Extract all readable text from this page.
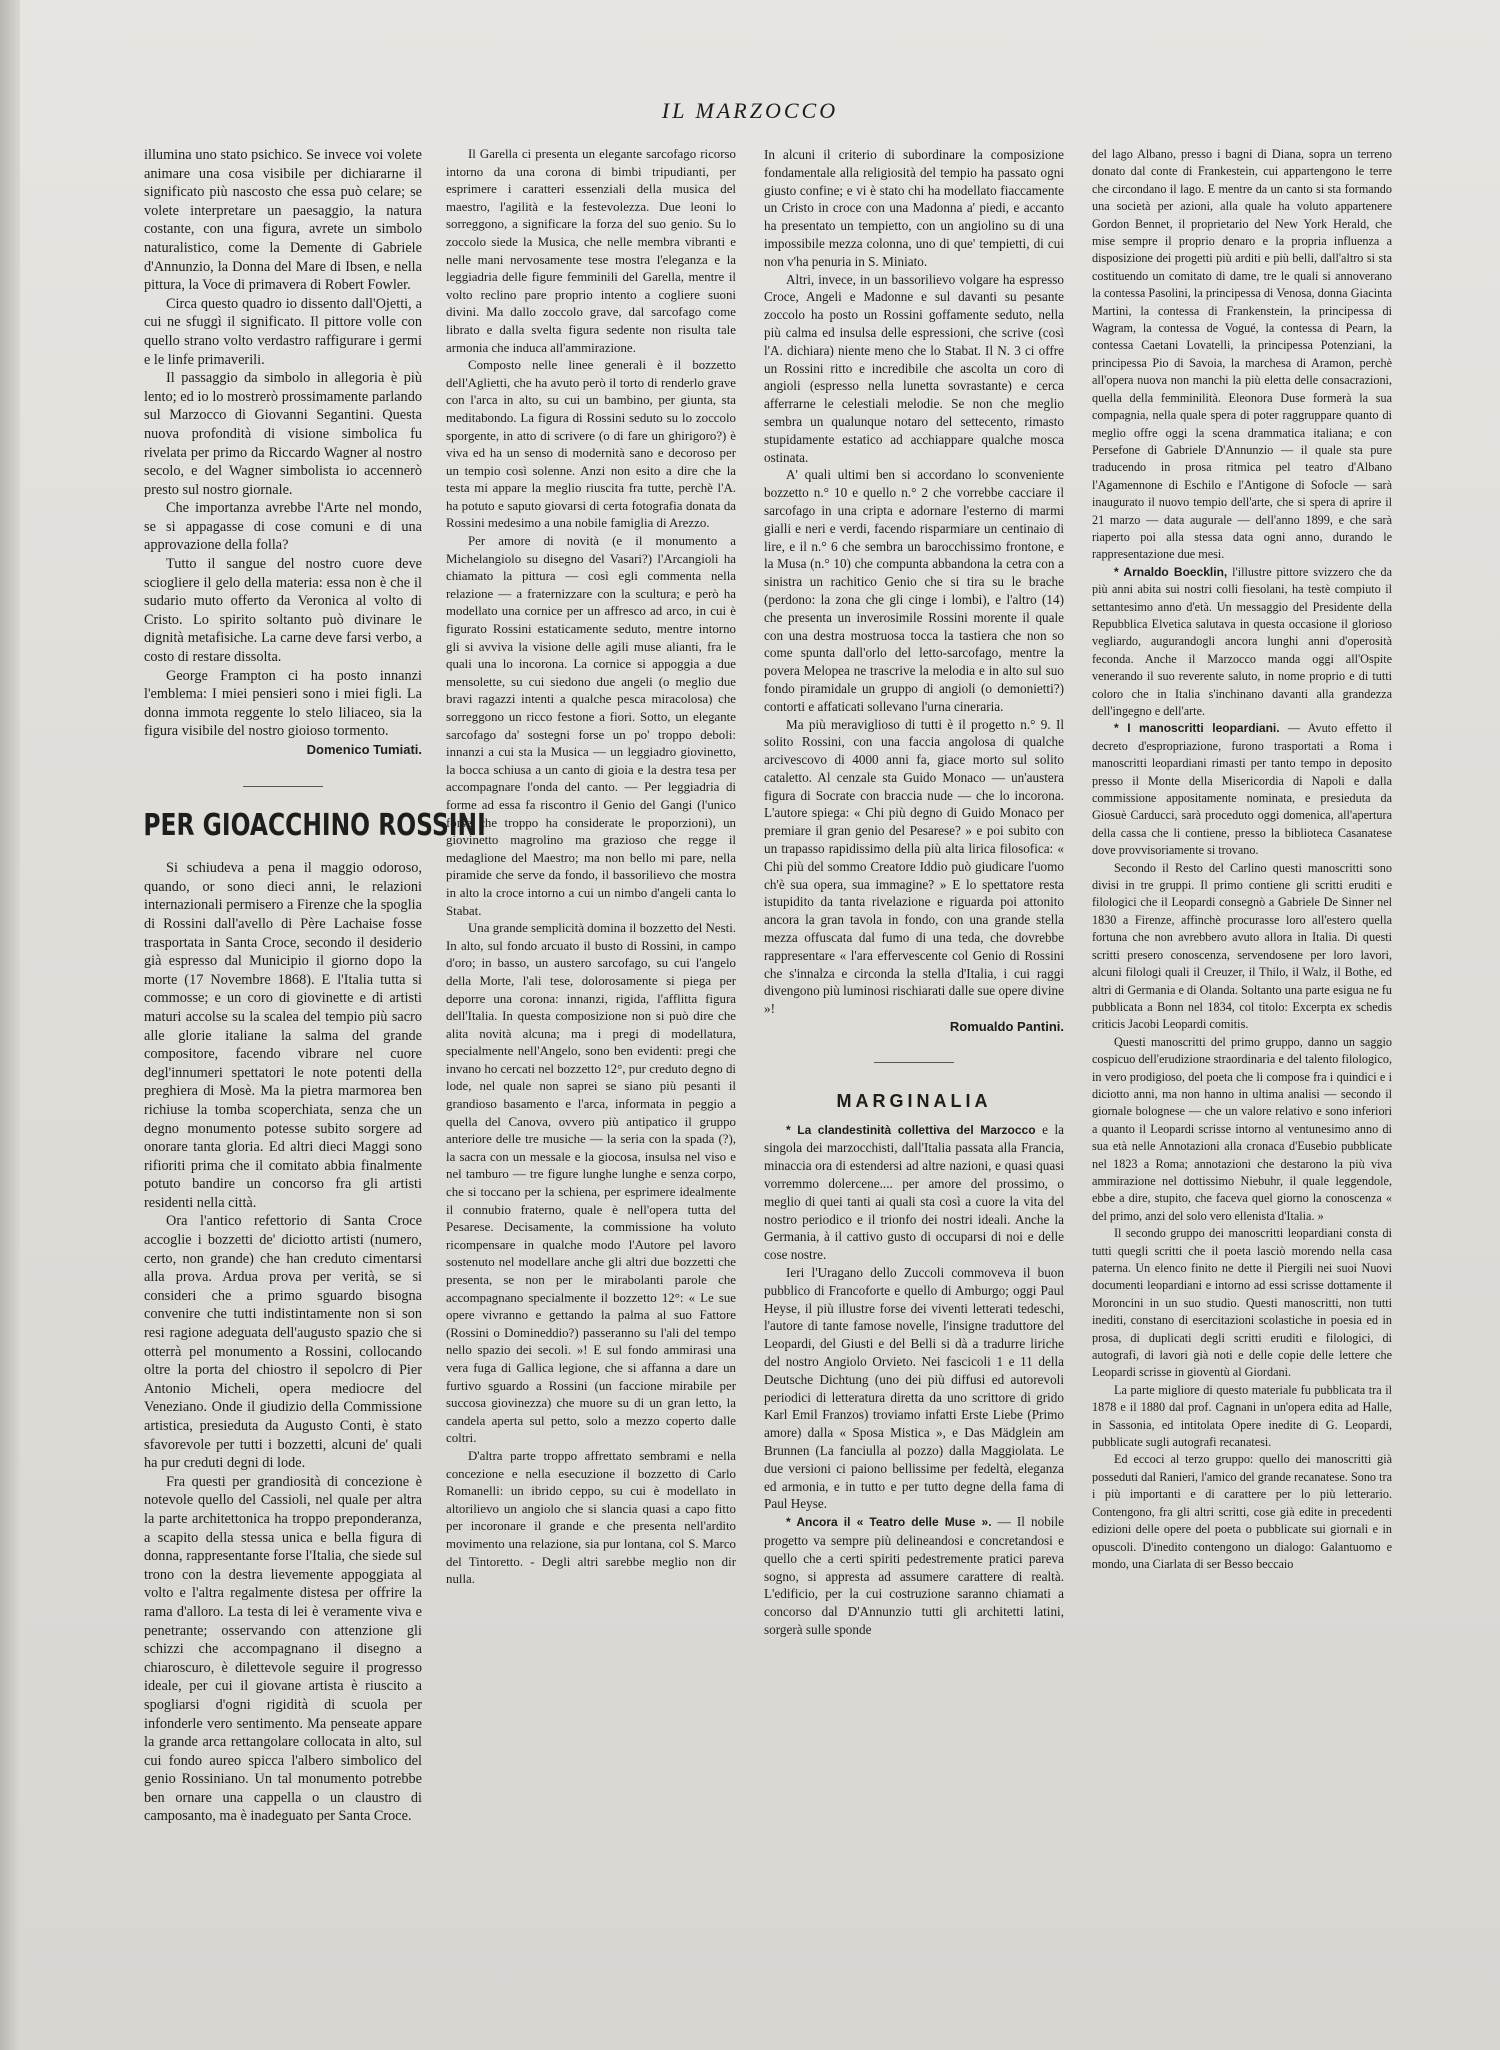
IL MARZOCCO

illumina uno stato psichico. Se invece voi volete animare una cosa visibile per dichiararne il significato più nascosto che essa può celare; se volete interpretare un paesaggio, la natura costante, con una figura, avrete un simbolo naturalistico, come la Demente di Gabriele d'Annunzio, la Donna del Mare di Ibsen, e nella pittura, la Voce di primavera di Robert Fowler.

Circa questo quadro io dissento dall'Ojetti, a cui ne sfuggì il significato. Il pittore volle con quello strano volto verdastro raffigurare i germi e le linfe primaverili.

Il passaggio da simbolo in allegoria è più lento; ed io lo mostrerò prossimamente parlando sul Marzocco di Giovanni Segantini. Questa nuova profondità di visione simbolica fu rivelata per primo da Riccardo Wagner al nostro secolo, e del Wagner simbolista io accennerò presto sul nostro giornale.

Che importanza avrebbe l'Arte nel mondo, se si appagasse di cose comuni e di una approvazione della folla?

Tutto il sangue del nostro cuore deve sciogliere il gelo della materia: essa non è che il sudario muto offerto da Veronica al volto di Cristo. Lo spirito soltanto può divinare le dignità metafisiche. La carne deve farsi verbo, a costo di restare dissolta.

George Frampton ci ha posto innanzi l'emblema: I miei pensieri sono i miei figli. La donna immota reggente lo stelo liliaceo, sia la figura visibile del nostro gioioso tormento.

Domenico Tumiati.

PER GIOACCHINO ROSSINI

Si schiudeva a pena il maggio odoroso, quando, or sono dieci anni, le relazioni internazionali permisero a Firenze che la spoglia di Rossini dall'avello di Père Lachaise fosse trasportata in Santa Croce, secondo il desiderio già espresso dal Municipio il giorno dopo la morte (17 Novembre 1868). E l'Italia tutta si commosse; e un coro di giovinette e di artisti maturi accolse su la scalea del tempio più sacro alle glorie italiane la salma del grande compositore, facendo vibrare nel cuore degl'innumeri spettatori le note potenti della preghiera di Mosè. Ma la pietra marmorea ben richiuse la tomba scoperchiata, senza che un degno monumento potesse subito sorgere ad onorare tanta gloria. Ed altri dieci Maggi sono rifioriti prima che il comitato abbia finalmente potuto bandire un concorso fra gli artisti residenti nella città.

Ora l'antico refettorio di Santa Croce accoglie i bozzetti de' diciotto artisti (numero, certo, non grande) che han creduto cimentarsi alla prova. Ardua prova per verità, se si consideri che a primo sguardo bisogna convenire che tutti indistintamente non si son resi ragione adeguata dell'augusto spazio che si otterrà pel monumento a Rossini, collocando oltre la porta del chiostro il sepolcro di Pier Antonio Micheli, opera mediocre del Veneziano. Onde il giudizio della Commissione artistica, presieduta da Augusto Conti, è stato sfavorevole per tutti i bozzetti, alcuni de' quali ha pur creduti degni di lode.

Fra questi per grandiosità di concezione è notevole quello del Cassioli, nel quale per altra la parte architettonica ha troppo preponderanza, a scapito della stessa unica e bella figura di donna, rappresentante forse l'Italia, che siede sul trono con la destra lievemente appoggiata al volto e l'altra regalmente distesa per offrire la rama d'alloro. La testa di lei è veramente viva e penetrante; osservando con attenzione gli schizzi che accompagnano il disegno a chiaroscuro, è dilettevole seguire il progresso ideale, per cui il giovane artista è riuscito a spogliarsi d'ogni rigidità di scuola per infonderle vero sentimento. Ma penseate appare la grande arca rettangolare collocata in alto, sul cui fondo aureo spicca l'albero simbolico del genio Rossiniano. Un tal monumento potrebbe ben ornare una cappella o un claustro di camposanto, ma è inadeguato per Santa Croce.

Il Garella ci presenta un elegante sarcofago ricorso intorno da una corona di bimbi tripudianti, per esprimere i caratteri essenziali della musica del maestro, l'agilità e la festevolezza. Due leoni lo sorreggono, a significare la forza del suo genio. Su lo zoccolo siede la Musica, che nelle membra vibranti e nelle mani nervosamente tese mostra l'eleganza e la leggiadria delle figure femminili del Garella, mentre il volto reclino pare proprio intento a cogliere suoni divini. Ma dallo zoccolo grave, dal sarcofago come librato e dalla svelta figura sedente non risulta tale armonia che induca all'ammirazione.

Composto nelle linee generali è il bozzetto dell'Aglietti, che ha avuto però il torto di renderlo grave con l'arca in alto, su cui un bambino, per giunta, sta meditabondo. La figura di Rossini seduto su lo zoccolo sporgente, in atto di scrivere (o di fare un ghirigoro?) è viva ed ha un senso di modernità sano e decoroso per un tempio così solenne. Anzi non esito a dire che la testa mi appare la meglio riuscita fra tutte, perchè l'A. ha potuto e saputo giovarsi di certa fotografia donata da Rossini medesimo a una nobile famiglia di Arezzo.

Per amore di novità (e il monumento a Michelangiolo su disegno del Vasari?) l'Arcangioli ha chiamato la pittura — così egli commenta nella relazione — a fraternizzare con la scultura; e però ha modellato una cornice per un affresco ad arco, in cui è figurato Rossini estaticamente seduto, mentre intorno gli si avviva la visione delle agili muse alianti, fra le quali una lo incorona. La cornice si appoggia a due mensolette, su cui siedono due angeli (o meglio due bravi ragazzi intenti a qualche pesca miracolosa) che sorreggono un ricco festone a fiori. Sotto, un elegante sarcofago da' sostegni forse un po' troppo deboli: innanzi a cui sta la Musica — un leggiadro giovinetto, la bocca schiusa a un canto di gioia e la destra tesa per accompagnare l'onda del canto. — Per leggiadria di forme ad essa fa riscontro il Genio del Gangi (l'unico forse che troppo ha considerate le proporzioni), un giovinetto magrolino ma grazioso che regge il medaglione del Maestro; ma non bello mi pare, nella piramide che serve da fondo, il bassorilievo che mostra in alto la croce intorno a cui un nimbo d'angeli canta lo Stabat.

Una grande semplicità domina il bozzetto del Nesti. In alto, sul fondo arcuato il busto di Rossini, in campo d'oro; in basso, un austero sarcofago, su cui l'angelo della Morte, l'ali tese, dolorosamente si piega per deporre una corona: innanzi, rigida, l'afflitta figura dell'Italia. In questa composizione non si può dire che alita novità alcuna; ma i pregi di modellatura, specialmente nell'Angelo, sono ben evidenti: pregi che invano ho cercati nel bozzetto 12°, pur creduto degno di lode, nel quale non saprei se siano più pesanti il grandioso basamento e l'arca, informata in peggio a quella del Canova, ovvero più antipatico il gruppo anteriore delle tre musiche — la seria con la spada (?), la sacra con un messale e la giocosa, insulsa nel viso e nel tamburo — tre figure lunghe lunghe e senza corpo, che si toccano per la schiena, per esprimere idealmente il connubio fraterno, quale è nell'opera tutta del Pesarese. Decisamente, la commissione ha voluto ricompensare in qualche modo l'Autore pel lavoro sostenuto nel modellare anche gli altri due bozzetti che presenta, se non per le mirabolanti parole che accompagnano specialmente il bozzetto 12°: « Le sue opere vivranno e gettando la palma al suo Fattore (Rossini o Domineddio?) passeranno su l'ali del tempo nello spazio dei secoli. »! E sul fondo ammirasi una vera fuga di Gallica legione, che si affanna a dare un furtivo sguardo a Rossini (un faccione mirabile per succosa giovinezza) che muore su di un gran letto, la candela aperta sul petto, solo a mezzo coperto dalle coltri.

D'altra parte troppo affrettato sembrami e nella concezione e nella esecuzione il bozzetto di Carlo Romanelli: un ibrido ceppo, su cui è modellato in altorilievo un angiolo che si slancia quasi a capo fitto per incoronare il grande e che presenta nell'ardito movimento una relazione, sia pur lontana, col S. Marco del Tintoretto. - Degli altri sarebbe meglio non dir nulla.

In alcuni il criterio di subordinare la composizione fondamentale alla religiosità del tempio ha passato ogni giusto confine; e vi è stato chi ha modellato fiaccamente un Cristo in croce con una Madonna a' piedi, e accanto ha presentato un tempietto, con un angiolino su di una impossibile mezza colonna, uno di que' tempietti, di cui non v'ha penuria in S. Miniato.

Altri, invece, in un bassorilievo volgare ha espresso Croce, Angeli e Madonne e sul davanti su pesante zoccolo ha posto un Rossini goffamente seduto, nella più calma ed insulsa delle espressioni, che scrive (così l'A. dichiara) niente meno che lo Stabat. Il N. 3 ci offre un Rossini ritto e incredibile che ascolta un coro di angioli (espresso nella lunetta sovrastante) e cerca afferrarne le celestiali melodie. Se non che meglio sembra un qualunque notaro del settecento, rimasto stupidamente estatico ad acchiappare qualche mosca ostinata.

A' quali ultimi ben si accordano lo sconveniente bozzetto n.° 10 e quello n.° 2 che vorrebbe cacciare il sarcofago in una cripta e adornare l'esterno di marmi gialli e neri e verdi, facendo risparmiare un centinaio di lire, e il n.° 6 che sembra un barocchissimo frontone, e la Musa (n.° 10) che compunta abbandona la cetra con a sinistra un rachitico Genio che si tira su le brache (perdono: la zona che gli cinge i lombi), e l'altro (14) che presenta un inverosimile Rossini morente il quale con una destra mostruosa tocca la tastiera che non so come spunta dall'orlo del letto-sarcofago, mentre la povera Melopea ne trascrive la melodia e in alto sul suo fondo piramidale un gruppo di angioli (o demonietti?) contorti e affaticati sollevano l'urna cineraria.

Ma più meraviglioso di tutti è il progetto n.° 9. Il solito Rossini, con una faccia angolosa di qualche arcivescovo di 4000 anni fa, giace morto sul solito cataletto. Al cenzale sta Guido Monaco — un'austera figura di Socrate con braccia nude — che lo incorona. L'autore spiega: « Chi più degno di Guido Monaco per premiare il gran genio del Pesarese? » e poi subito con un trapasso rapidissimo della più alta lirica filosofica: « Chi più del sommo Creatore Iddio può giudicare l'uomo ch'è sua opera, sua immagine? » E lo spettatore resta istupidito da tanta rivelazione e riguarda poi attonito ancora la gran tavola in fondo, con una grande stella mezza offuscata dal fumo di una teda, che dovrebbe rappresentare « l'ara effervescente col Genio di Rossini che s'innalza e circonda la stella d'Italia, i cui raggi divengono più luminosi rischiarati dalle sue opere divine »!

Romualdo Pantini.

MARGINALIA

* La clandestinità collettiva del Marzocco e la singola dei marzocchisti, dall'Italia passata alla Francia, minaccia ora di estendersi ad altre nazioni, e quasi quasi vorremmo dolercene.... per amore del prossimo, o meglio di quei tanti ai quali sta così a cuore la vita del nostro periodico e il trionfo dei nostri ideali. Anche la Germania, à il cattivo gusto di occuparsi di noi e delle cose nostre.

Ieri l'Uragano dello Zuccoli commoveva il buon pubblico di Francoforte e quello di Amburgo; oggi Paul Heyse, il più illustre forse dei viventi letterati tedeschi, l'autore di tante famose novelle, l'insigne traduttore del Leopardi, del Giusti e del Belli si dà a tradurre liriche del nostro Angiolo Orvieto. Nei fascicoli 1 e 11 della Deutsche Dichtung (uno dei più diffusi ed autorevoli periodici di letteratura diretta da uno scrittore di grido Karl Emil Franzos) troviamo infatti Erste Liebe (Primo amore) dalla « Sposa Mistica », e Das Mädglein am Brunnen (La fanciulla al pozzo) dalla Maggiolata. Le due versioni ci paiono bellissime per fedeltà, eleganza ed armonia, e in tutto e per tutto degne della fama di Paul Heyse.

* Ancora il « Teatro delle Muse ». — Il nobile progetto va sempre più delineandosi e concretandosi e quello che a certi spiriti pedestremente pratici pareva sogno, si appresta ad assumere carattere di realtà. L'edificio, per la cui costruzione saranno chiamati a concorso dal D'Annunzio tutti gli architetti latini, sorgerà sulle sponde

del lago Albano, presso i bagni di Diana, sopra un terreno donato dal conte di Frankestein, cui appartengono le terre che circondano il lago. E mentre da un canto si sta formando una società per azioni, alla quale ha voluto appartenere Gordon Bennet, il proprietario del New York Herald, che mise sempre il proprio denaro e la propria influenza a disposizione dei progetti più arditi e più belli, dall'altro si sta costituendo un comitato di dame, tre le quali si annoverano la contessa Pasolini, la principessa di Venosa, donna Giacinta Martini, la contessa di Frankenstein, la principessa di Wagram, la contessa de Vogué, la contessa di Pearn, la contessa Caetani Lovatelli, la principessa Potenziani, la principessa Pio di Savoia, la marchesa di Aramon, perchè all'opera nuova non manchi la più eletta delle consacrazioni, quella della femminilità. Eleonora Duse formerà la sua compagnia, nella quale spera di poter raggruppare quanto di meglio offre oggi la scena drammatica italiana; e con Persefone di Gabriele D'Annunzio — il quale sta pure traducendo in prosa ritmica pel teatro d'Albano l'Agamennone di Eschilo e l'Antigone di Sofocle — sarà inaugurato il nuovo tempio dell'arte, che si spera di aprire il 21 marzo — data augurale — dell'anno 1899, e che sarà riaperto poi alla stessa data ogni anno, durando le rappresentazione due mesi.

* Arnaldo Boecklin, l'illustre pittore svizzero che da più anni abita sui nostri colli fiesolani, ha testè compiuto il settantesimo anno d'età. Un messaggio del Presidente della Repubblica Elvetica salutava in questa occasione il glorioso vegliardo, augurandogli ancora lunghi anni d'operosità feconda. Anche il Marzocco manda oggi all'Ospite venerando il suo reverente saluto, in nome proprio e di tutti coloro che in Italia s'inchinano davanti alla grandezza dell'ingegno e dell'arte.

* I manoscritti leopardiani. — Avuto effetto il decreto d'espropriazione, furono trasportati a Roma i manoscritti leopardiani rimasti per tanto tempo in deposito presso il Monte della Misericordia di Napoli e dalla commissione appositamente nominata, e presieduta da Giosuè Carducci, sarà proceduto oggi domenica, all'apertura della cassa che li contiene, presso la biblioteca Casanatese dove provvisoriamente si trovano.

Secondo il Resto del Carlino questi manoscritti sono divisi in tre gruppi. Il primo contiene gli scritti eruditi e filologici che il Leopardi consegnò a Gabriele De Sinner nel 1830 a Firenze, affinchè procurasse loro all'estero quella fortuna che non avrebbero avuto allora in Italia. Di questi scritti presero conoscenza, servendosene per loro lavori, alcuni filologi quali il Creuzer, il Thilo, il Walz, il Bothe, ed altri di Germania e di Olanda. Soltanto una parte esigua ne fu pubblicata a Bonn nel 1834, col titolo: Excerpta ex schedis criticis Jacobi Leopardi comitis.

Questi manoscritti del primo gruppo, danno un saggio cospicuo dell'erudizione straordinaria e del talento filologico, in vero prodigioso, del poeta che li compose fra i quindici e i diciotto anni, ma non hanno in ultima analisi — secondo il giornale bolognese — che un valore relativo e sono inferiori a quanto il Leopardi scrisse intorno al ventunesimo anno di sua età nelle Annotazioni alla cronaca d'Eusebio pubblicate nel 1823 a Roma; annotazioni che destarono la più viva ammirazione nel dottissimo Niebuhr, il quale leggendole, ebbe a dire, stupito, che faceva quel giorno la conoscenza « del primo, anzi del solo vero ellenista d'Italia. »

Il secondo gruppo dei manoscritti leopardiani consta di tutti quegli scritti che il poeta lasciò morendo nella casa paterna. Un elenco finito ne dette il Piergili nei suoi Nuovi documenti leopardiani e intorno ad essi scrisse dottamente il Moroncini in un suo studio. Questi manoscritti, non tutti inediti, constano di esercitazioni scolastiche in poesia ed in prosa, di duplicati degli scritti eruditi e filologici, di autografi, di lavori già noti e delle copie delle lettere che Leopardi scrisse in gioventù al Giordani.

La parte migliore di questo materiale fu pubblicata tra il 1878 e il 1880 dal prof. Cagnani in un'opera edita ad Halle, in Sassonia, ed intitolata Opere inedite di G. Leopardi, pubblicate sugli autografi recanatesi.

Ed eccoci al terzo gruppo: quello dei manoscritti già posseduti dal Ranieri, l'amico del grande recanatese. Sono tra i più importanti e di carattere per lo più letterario. Contengono, fra gli altri scritti, cose già edite in precedenti edizioni delle opere del poeta o pubblicate sui giornali e in opuscoli. D'inedito contengono un dialogo: Galantuomo e mondo, una Ciarlata di ser Besso beccaio
